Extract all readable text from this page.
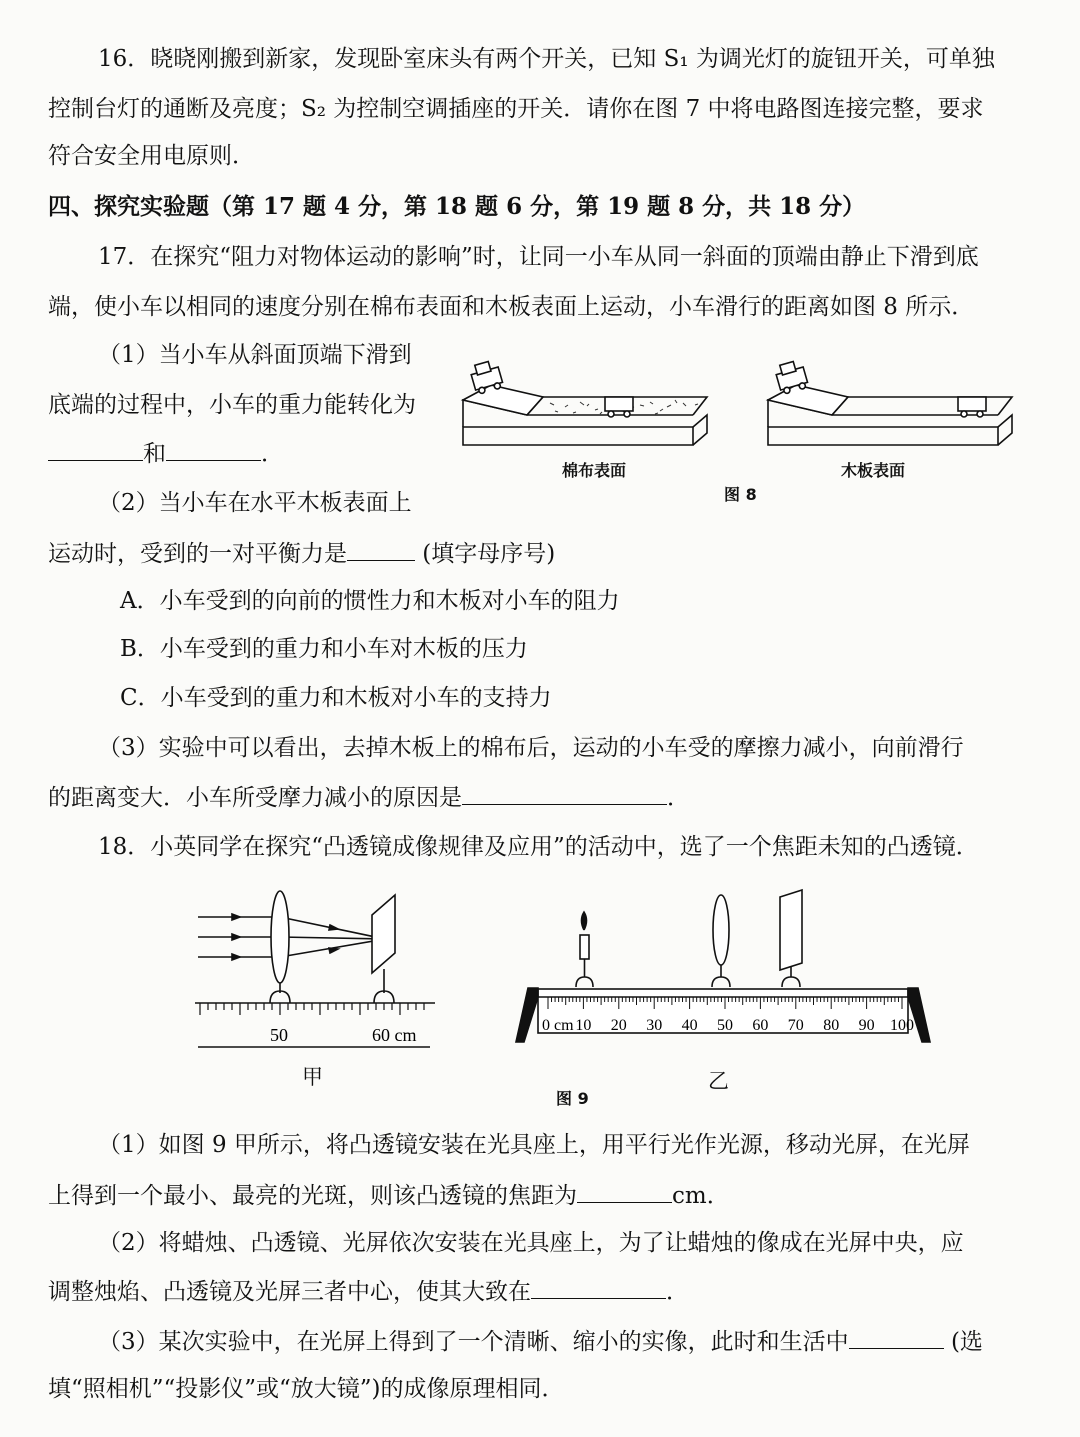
16．晓晓刚搬到新家，发现卧室床头有两个开关，已知 S₁ 为调光灯的旋钮开关，可单独
控制台灯的通断及亮度；S₂ 为控制空调插座的开关．请你在图 7 中将电路图连接完整，要求
符合安全用电原则．
四、探究实验题（第 17 题 4 分，第 18 题 6 分，第 19 题 8 分，共 18 分）
17．在探究“阻力对物体运动的影响”时，让同一小车从同一斜面的顶端由静止下滑到底
端，使小车以相同的速度分别在棉布表面和木板表面上运动，小车滑行的距离如图 8 所示．
（1）当小车从斜面顶端下滑到
底端的过程中，小车的重力能转化为
和	．
（2）当小车在水平木板表面上
运动时，受到的一对平衡力是	(填字母序号)
A．小车受到的向前的惯性力和木板对小车的阻力
B．小车受到的重力和小车对木板的压力
C．小车受到的重力和木板对小车的支持力
（3）实验中可以看出，去掉木板上的棉布后，运动的小车受的摩擦力减小，向前滑行
的距离变大．小车所受摩力减小的原因是	．
棉布表面	木板表面
图 8
18．小英同学在探究“凸透镜成像规律及应用”的活动中，选了一个焦距未知的凸透镜．
50	60 cm
甲
0 cm 10 20 30 40 50 60 70 80 90 100
乙
图 9
（1）如图 9 甲所示，将凸透镜安装在光具座上，用平行光作光源，移动光屏，在光屏
上得到一个最小、最亮的光斑，则该凸透镜的焦距为	cm．
（2）将蜡烛、凸透镜、光屏依次安装在光具座上，为了让蜡烛的像成在光屏中央，应
调整烛焰、凸透镜及光屏三者中心，使其大致在	．
（3）某次实验中，在光屏上得到了一个清晰、缩小的实像，此时和生活中	(选
填“照相机”“投影仪”或“放大镜”)的成像原理相同．
